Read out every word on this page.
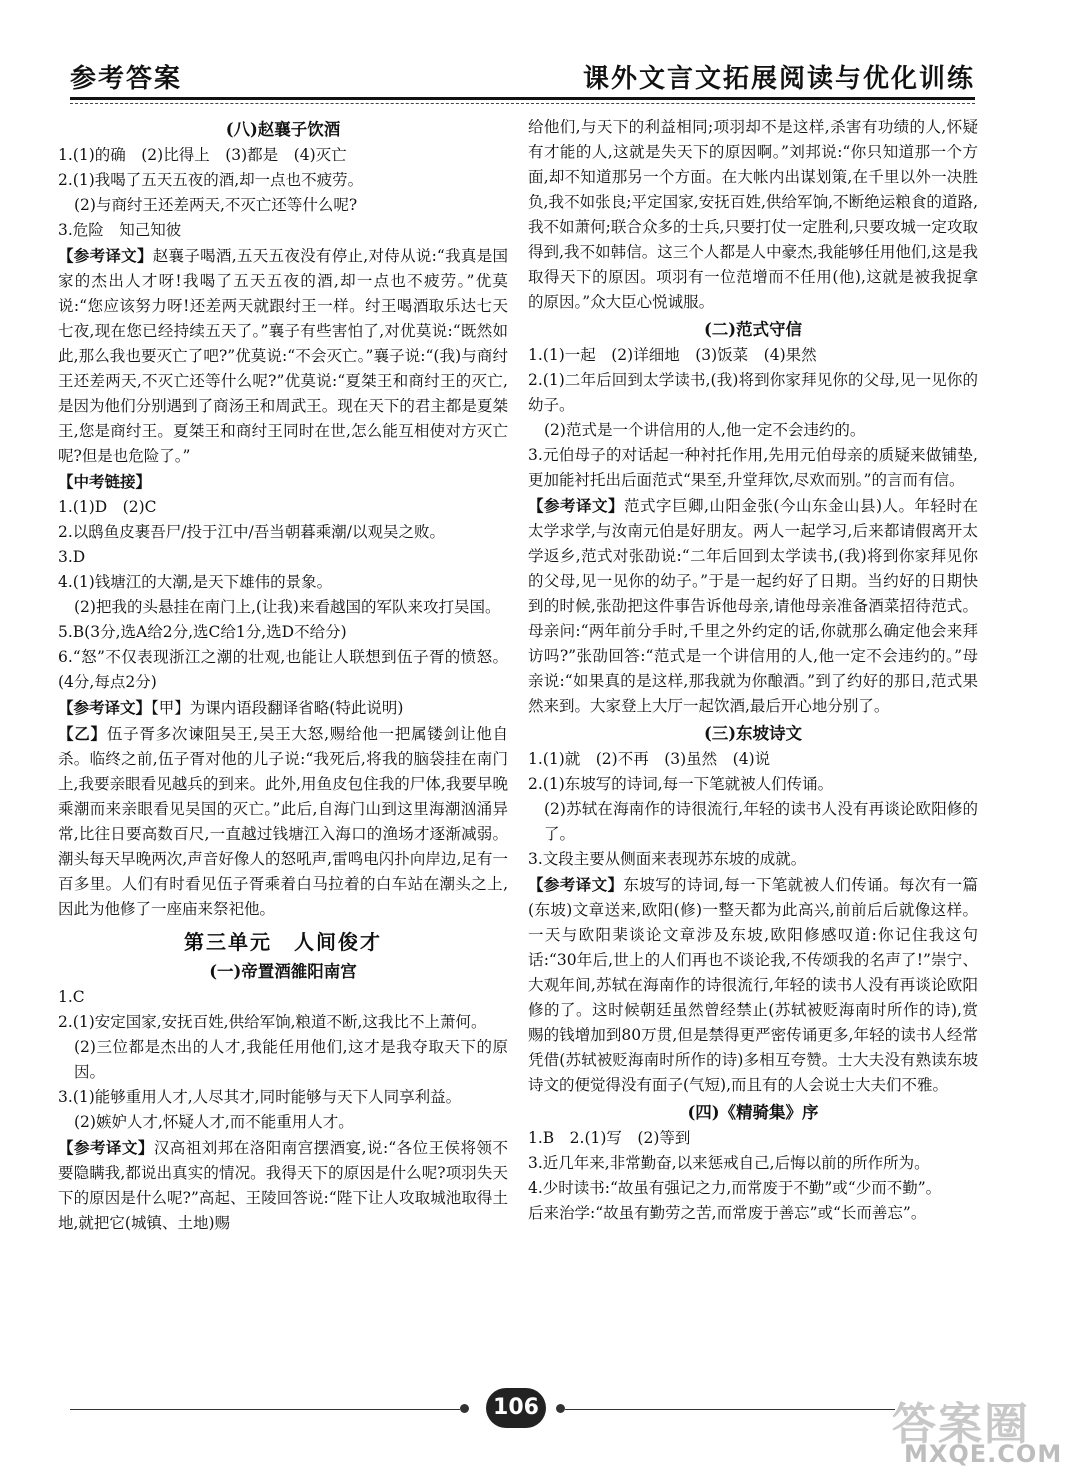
参考答案	课外文言文拓展阅读与优化训练
(八)赵襄子饮酒
1.(1)的确　(2)比得上　(3)都是　(4)灭亡
2.(1)我喝了五天五夜的酒,却一点也不疲劳。
(2)与商纣王还差两天,不灭亡还等什么呢?
3.危险　知己知彼
【参考译文】赵襄子喝酒,五天五夜没有停止,对侍从说:“我真是国家的杰出人才呀!我喝了五天五夜的酒,却一点也不疲劳。”优莫说:“您应该努力呀!还差两天就跟纣王一样。纣王喝酒取乐达七天七夜,现在您已经持续五天了。”襄子有些害怕了,对优莫说:“既然如此,那么我也要灭亡了吧?”优莫说:“不会灭亡。”襄子说:“(我)与商纣王还差两天,不灭亡还等什么呢?”优莫说:“夏桀王和商纣王的灭亡,是因为他们分别遇到了商汤王和周武王。现在天下的君主都是夏桀王,您是商纣王。夏桀王和商纣王同时在世,怎么能互相使对方灭亡呢?但是也危险了。”
【中考链接】
1.(1)D　(2)C
2.以鸱鱼皮裹吾尸/投于江中/吾当朝暮乘潮/以观吴之败。
3.D
4.(1)钱塘江的大潮,是天下雄伟的景象。
(2)把我的头悬挂在南门上,(让我)来看越国的军队来攻打吴国。
5.B(3分,选A给2分,选C给1分,选D不给分)
6.“怒”不仅表现浙江之潮的壮观,也能让人联想到伍子胥的愤怒。(4分,每点2分)
【参考译文】【甲】为课内语段翻译省略(特此说明)
【乙】伍子胥多次谏阻吴王,吴王大怒,赐给他一把属镂剑让他自杀。临终之前,伍子胥对他的儿子说:“我死后,将我的脑袋挂在南门上,我要亲眼看见越兵的到来。此外,用鱼皮包住我的尸体,我要早晚乘潮而来亲眼看见吴国的灭亡。”此后,自海门山到这里海潮汹涌异常,比往日要高数百尺,一直越过钱塘江入海口的渔场才逐渐减弱。潮头每天早晚两次,声音好像人的怒吼声,雷鸣电闪扑向岸边,足有一百多里。人们有时看见伍子胥乘着白马拉着的白车站在潮头之上,因此为他修了一座庙来祭祀他。
第三单元　人间俊才
(一)帝置酒雒阳南宫
1.C
2.(1)安定国家,安抚百姓,供给军饷,粮道不断,这我比不上萧何。
(2)三位都是杰出的人才,我能任用他们,这才是我夺取天下的原因。
3.(1)能够重用人才,人尽其才,同时能够与天下人同享利益。
(2)嫉妒人才,怀疑人才,而不能重用人才。
【参考译文】汉高祖刘邦在洛阳南宫摆酒宴,说:“各位王侯将领不要隐瞒我,都说出真实的情况。我得天下的原因是什么呢?项羽失天下的原因是什么呢?”高起、王陵回答说:“陛下让人攻取城池取得土地,就把它(城镇、土地)赐
给他们,与天下的利益相同;项羽却不是这样,杀害有功绩的人,怀疑有才能的人,这就是失天下的原因啊。”刘邦说:“你只知道那一个方面,却不知道那另一个方面。在大帐内出谋划策,在千里以外一决胜负,我不如张良;平定国家,安抚百姓,供给军饷,不断绝运粮食的道路,我不如萧何;联合众多的士兵,只要打仗一定胜利,只要攻城一定攻取得到,我不如韩信。这三个人都是人中豪杰,我能够任用他们,这是我取得天下的原因。项羽有一位范增而不任用(他),这就是被我捉拿的原因。”众大臣心悦诚服。
(二)范式守信
1.(1)一起　(2)详细地　(3)饭菜　(4)果然
2.(1)二年后回到太学读书,(我)将到你家拜见你的父母,见一见你的幼子。
(2)范式是一个讲信用的人,他一定不会违约的。
3.元伯母子的对话起一种衬托作用,先用元伯母亲的质疑来做铺垫,更加能衬托出后面范式“果至,升堂拜饮,尽欢而别。”的言而有信。
【参考译文】范式字巨卿,山阳金张(今山东金山县)人。年轻时在太学求学,与汝南元伯是好朋友。两人一起学习,后来都请假离开太学返乡,范式对张劭说:“二年后回到太学读书,(我)将到你家拜见你的父母,见一见你的幼子。”于是一起约好了日期。当约好的日期快到的时候,张劭把这件事告诉他母亲,请他母亲准备酒菜招待范式。母亲问:“两年前分手时,千里之外约定的话,你就那么确定他会来拜访吗?”张劭回答:“范式是一个讲信用的人,他一定不会违约的。”母亲说:“如果真的是这样,那我就为你酿酒。”到了约好的那日,范式果然来到。大家登上大厅一起饮酒,最后开心地分别了。
(三)东坡诗文
1.(1)就　(2)不再　(3)虽然　(4)说
2.(1)东坡写的诗词,每一下笔就被人们传诵。
(2)苏轼在海南作的诗很流行,年轻的读书人没有再谈论欧阳修的了。
3.文段主要从侧面来表现苏东坡的成就。
【参考译文】东坡写的诗词,每一下笔就被人们传诵。每次有一篇(东坡)文章送来,欧阳(修)一整天都为此高兴,前前后后就像这样。一天与欧阳棐谈论文章涉及东坡,欧阳修感叹道:你记住我这句话:“30年后,世上的人们再也不谈论我,不传颂我的名声了!”崇宁、大观年间,苏轼在海南作的诗很流行,年轻的读书人没有再谈论欧阳修的了。这时候朝廷虽然曾经禁止(苏轼被贬海南时所作的诗),赏赐的钱增加到80万贯,但是禁得更严密传诵更多,年轻的读书人经常凭借(苏轼被贬海南时所作的诗)多相互夸赞。士大夫没有熟读东坡诗文的便觉得没有面子(气短),而且有的人会说士大夫们不雅。
(四)《精骑集》序
1.B　2.(1)写　(2)等到
3.近几年来,非常勤奋,以来惩戒自己,后悔以前的所作所为。
4.少时读书:“故虽有强记之力,而常废于不勤”或“少而不勤”。
后来治学:“故虽有勤劳之苦,而常废于善忘”或“长而善忘”。
106	答案圈
MXQE.COM
